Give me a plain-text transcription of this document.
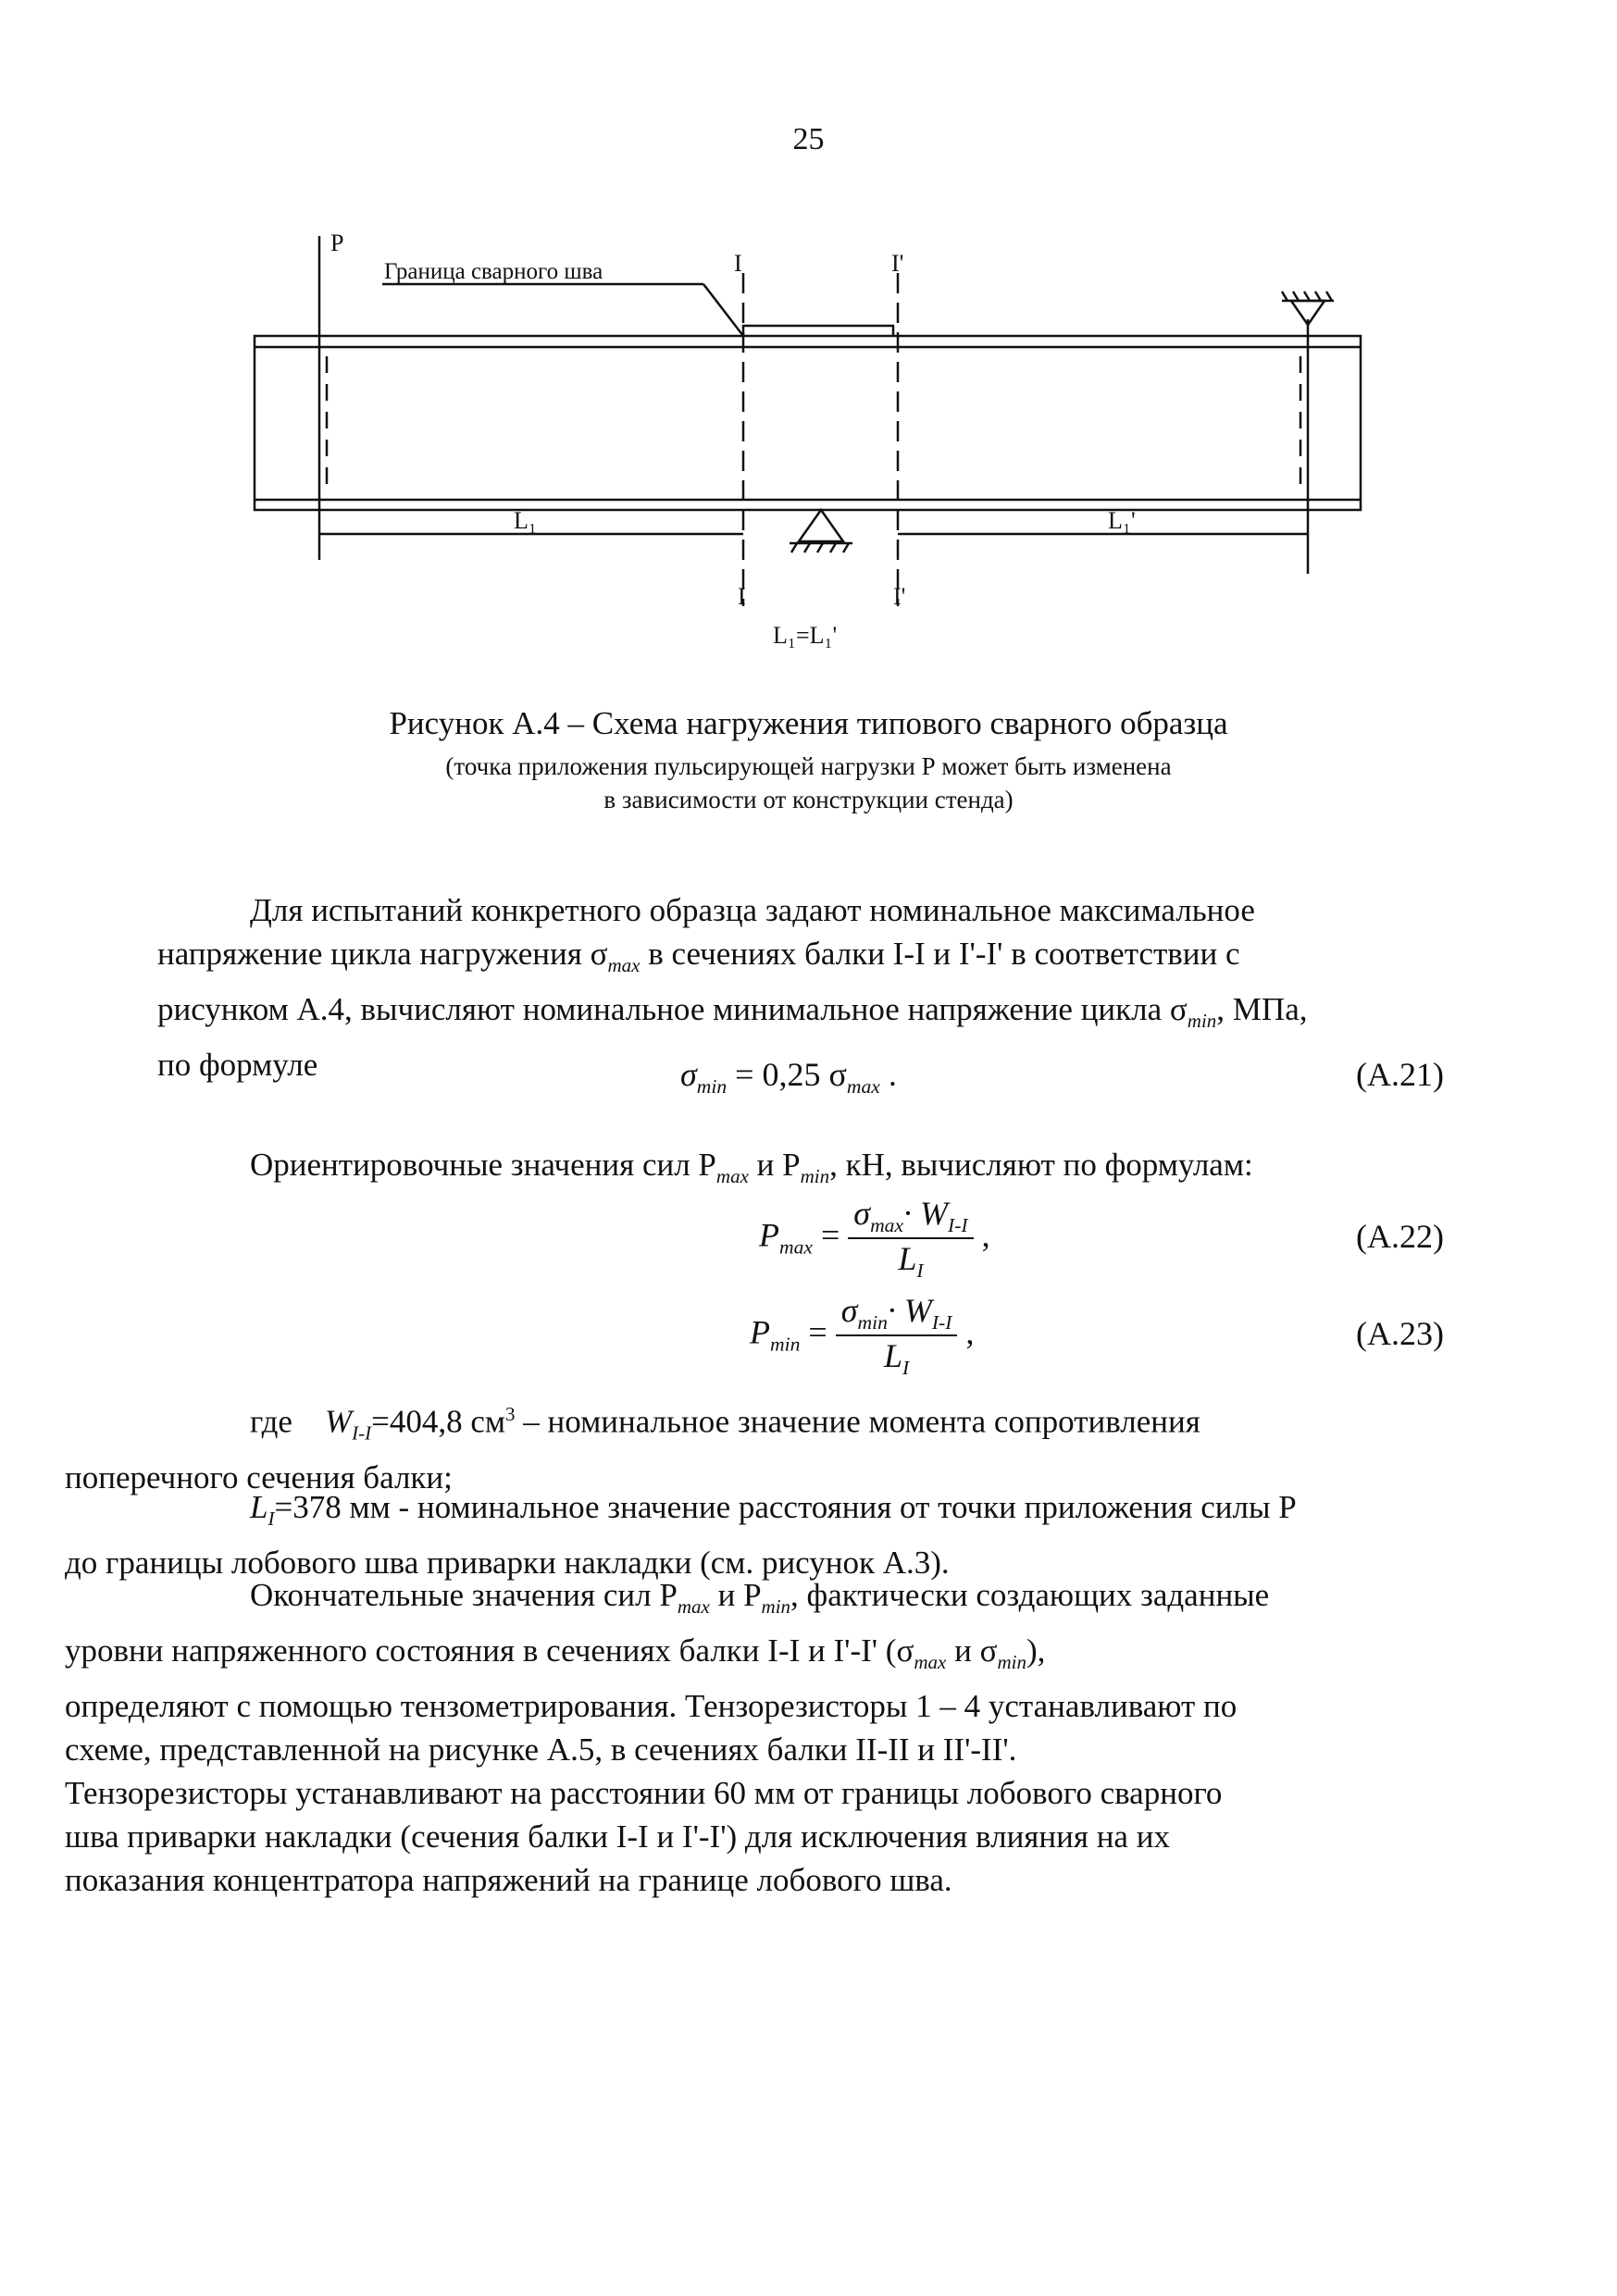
25
P
Граница сварного шва	I	I'
L₁	L₁'
I	I'
L₁=L₁'
Рисунок А.4 – Схема нагружения типового сварного образца
(точка приложения пульсирующей нагрузки Р может быть изменена
в зависимости от конструкции стенда)
Для испытаний конкретного образца задают номинальное максимальное
напряжение цикла нагружения $\sigma_{max}$ в сечениях балки I-I и I'-I' в соответствии с
рисунком А.4, вычисляют номинальное минимальное напряжение цикла $\sigma_{min}$, МПа,
по формуле	$\sigma_{min} = 0,25$ $\sigma_{max}$ .	(А.21)
Ориентировочные значения сил $P_{max}$ и $P_{min}$, кН, вычисляют по формулам:
$P_{max} = \frac{\sigma_{max}\cdot W_{I-I}}{L_I}$ ,	(А.22)
$P_{min} = \frac{\sigma_{min}\cdot W_{I-I}}{L_I}$ ,	(А.23)
где $W_{I-I}=404,8$ $см^3$ – номинальное значение момента сопротивления
поперечного сечения балки;
$L_I=378$ мм - номинальное значение расстояния от точки приложения силы P
до границы лобового шва приварки накладки (см. рисунок А.3).
Окончательные значения сил $P_{max}$ и $P_{min}$, фактически создающих заданные
уровни напряженного состояния в сечениях балки I-I и I'-I' ($\sigma_{max}$ и $\sigma_{min}$),
определяют с помощью тензометрирования. Тензорезисторы 1 – 4 устанавливают по
схеме, представленной на рисунке А.5, в сечениях балки II-II и II'-II'.
Тензорезисторы устанавливают на расстоянии 60 мм от границы лобового сварного
шва приварки накладки (сечения балки I-I и I'-I') для исключения влияния на их
показания концентратора напряжений на границе лобового шва.
